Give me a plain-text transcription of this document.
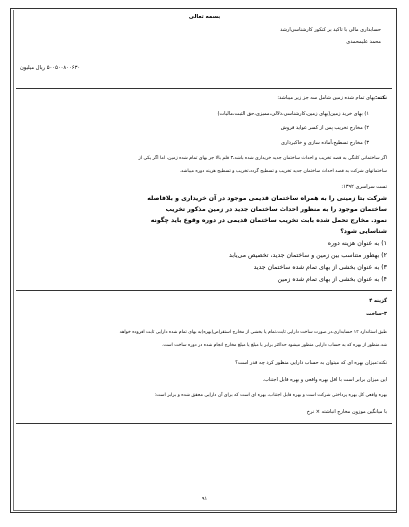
بسمه تعالی
حسابداری مالی با تاکید بر کنکور کارشناسی‌ارشد
محمد علیمحمدی
۵۰۰۵۰۰۸۰۰۶۳۰ ریال میلیون
نکته:بهای تمام شده زمین شامل سه جز زیر میباشد:
۱) بهای خرید زمین(بهای زمین،کارشناسی،دلالی،ممیزی،حق الثبت،مالیات)
۲) مخارج تخریب پس از کسر عواید فروش
۳) مخارج تسطیح،آماده سازی و خاکبرداری
اگر ساختمانی کلنگی به قصد تخریب و احداث ساختمان جدید خریداری شده باشد،۳ قلم بالا جز بهای تمام شده زمین، اما اگر یکی از
ساختمانهای شرکت به قصد احداث ساختمان جدید تخریب و تسطیح گردد،تخریب و تسطیح هزینه دوره میباشد.
تست سراسری ۱۳۹۲:
شرکت بتا زمینی را به همراه ساختمان قدیمی موجود در آن خریداری و بلافاصله
ساختمان موجود را به منظور احداث ساختمان جدید در زمین مذکور تخریب
نمود. مخارج تحمل شده بابت تخریب ساختمان قدیمی در دوره وقوع باید چگونه
شناسایی شود؟
۱) به عنوان هزینه دوره
۲) بهطور متناسب بین زمین و ساختمان جدید، تخصیص می‌یابد
۳) به عنوان بخشی از بهای تمام شده ساختمان جدید
۴) به عنوان بخشی از بهای تمام شده زمین
گزینه ۴
۳-ساخت
طبق استاندارد ۱۳ حسابداری،در صورت ساخت دارایی ثابت،تمام یا بخشی از مخارج استقراض(بهره)به بهای تمام شده دارایی ثابت افزوده خواهد
شد.منظور از بهره که به حساب دارایی منظور میشود حداکثر برابر با مبلغ یا مبلغ مخارج انجام شده در دوره ساخت است.
نکته:میزان بهره ای که میتوان به حساب دارایی منظور کرد چه قدر است؟
این میزان برابر است با اقل بهره واقعی و بهره قابل اجتناب.
بهره واقعی کل بهره پرداختی شرکت است و بهره قابل اجتناب، بهره ای است که برای آن دارایی محقق شده و برابر است:
با میانگین موزون مخارج انباشته × نرخ
۹۱
